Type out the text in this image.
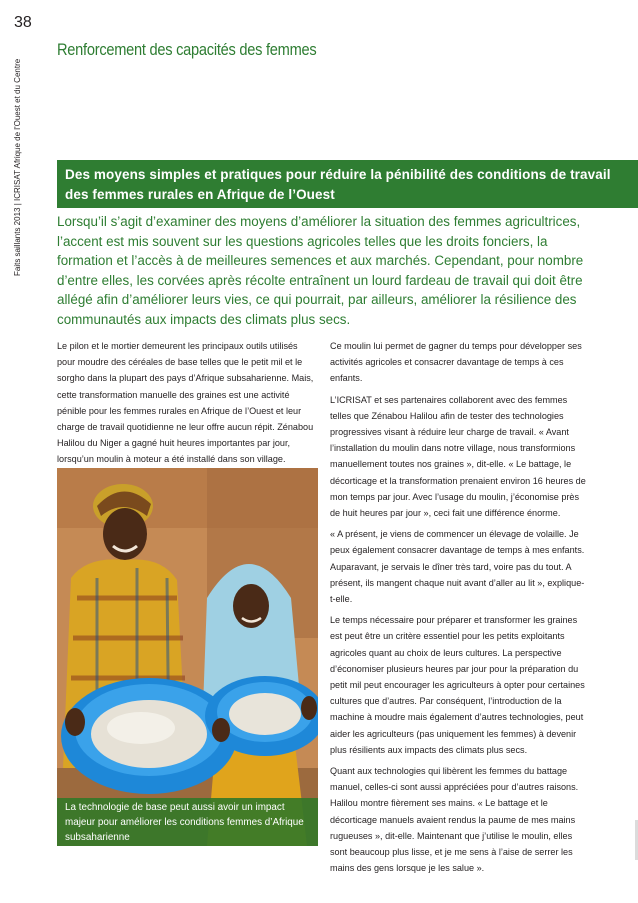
38
Faits saillants 2013 | ICRISAT Afrique de l'Ouest et du Centre
Renforcement des capacités des femmes
Des moyens simples et pratiques pour réduire la pénibilité des conditions de travail des femmes rurales en Afrique de l’Ouest

Lorsqu’il s’agit d’examiner des moyens d’améliorer la situation des femmes agricultrices, l’accent est mis souvent sur les questions agricoles telles que les droits fonciers, la formation et l’accès à de meilleures semences et aux marchés. Cependant, pour nombre d’entre elles, les corvées après récolte entraînent un lourd fardeau de travail qui doit être allégé afin d’améliorer leurs vies, ce qui pourrait, par ailleurs, améliorer la résilience des communautés aux impacts des climats plus secs.

Le pilon et le mortier demeurent les principaux outils utilisés pour moudre des céréales de base telles que le petit mil et le sorgho dans la plupart des pays d’Afrique subsaharienne. Mais, cette transformation manuelle des graines est une activité pénible pour les femmes rurales en Afrique de l’Ouest et leur charge de travail quotidienne ne leur offre aucun répit. Zénabou Halilou du Niger a gagné huit heures importantes par jour, lorsqu’un moulin à moteur a été installé dans son village.

La technologie de base peut aussi avoir un impact majeur pour améliorer les conditions femmes d’Afrique subsaharienne

Ce moulin lui permet de gagner du temps pour développer ses activités agricoles et consacrer davantage de temps à ces enfants.

L’ICRISAT et ses partenaires collaborent avec des femmes telles que Zénabou Halilou afin de tester des technologies progressives visant à réduire leur charge de travail. « Avant l’installation du moulin dans notre village, nous transformions manuellement toutes nos graines », dit-elle. « Le battage, le décorticage et la transformation prenaient environ 16 heures de mon temps par jour. Avec l’usage du moulin, j’économise près de huit heures par jour », ceci fait une différence énorme.

« A présent, je viens de commencer un élevage de volaille. Je peux également consacrer davantage de temps à mes enfants. Auparavant, je servais le dîner très tard, voire pas du tout. A présent, ils mangent chaque nuit avant d’aller au lit », explique-t-elle.

Le temps nécessaire pour préparer et transformer les graines est peut être un critère essentiel pour les petits exploitants agricoles quant au choix de leurs cultures. La perspective d’économiser plusieurs heures par jour pour la préparation du petit mil peut encourager les agriculteurs à opter pour certaines cultures que d’autres. Par conséquent, l’introduction de la machine à moudre mais également d’autres technologies, peut aider les agriculteurs (pas uniquement les femmes) à devenir plus résilients aux impacts des climats plus secs.

Quant aux technologies qui libèrent les femmes du battage manuel, celles-ci sont aussi appréciées pour d’autres raisons. Halilou montre fièrement ses mains. « Le battage et le décorticage manuels avaient rendus la paume de mes mains rugueuses », dit-elle. Maintenant que j’utilise le moulin, elles sont beaucoup plus lisse, et je me sens à l’aise de serrer les mains des gens lorsque je les salue ».
